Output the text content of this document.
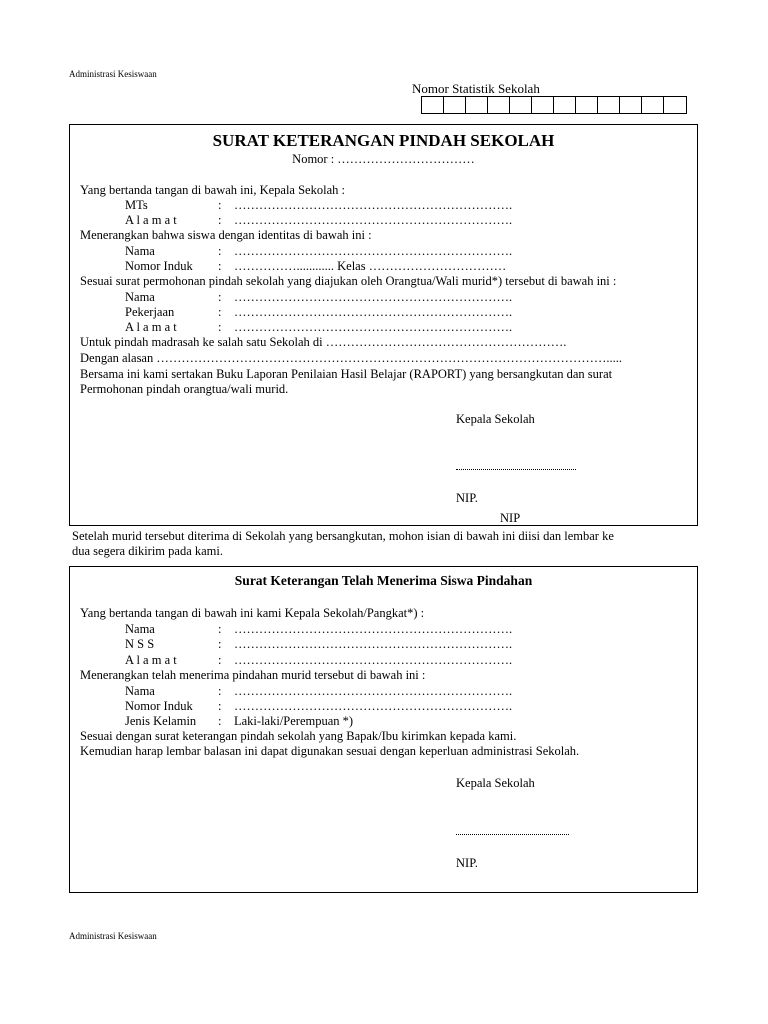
Administrasi Kesiswaan
Nomor Statistik Sekolah
SURAT KETERANGAN PINDAH SEKOLAH
Nomor : ……………………………
Yang bertanda tangan di bawah ini, Kepala Sekolah :
MTs	: ………………………………………………………….
A l a m a t	: ………………………………………………………….
Menerangkan bahwa siswa dengan identitas di bawah ini :
Nama	: ………………………………………………………….
Nomor Induk : ……………............ Kelas ……………………………
Sesuai surat permohonan pindah sekolah yang diajukan oleh Orangtua/Wali murid*) tersebut di bawah ini :
Nama	: ………………………………………………………….
Pekerjaan	: ………………………………………………………….
A l a m a t	: ………………………………………………………….
Untuk pindah madrasah ke salah satu Sekolah di ………………………………………………….
Dengan alasan ……………………………………………………………………………………………….....
Bersama ini kami sertakan Buku Laporan Penilaian Hasil Belajar (RAPORT) yang bersangkutan dan surat
Permohonan pindah orangtua/wali murid.
Kepala Sekolah
NIP.
NIP
Setelah murid tersebut diterima di Sekolah yang bersangkutan, mohon isian di bawah ini diisi dan lembar ke
dua segera dikirim pada kami.
Surat Keterangan Telah Menerima Siswa Pindahan
Yang bertanda tangan di bawah ini kami Kepala Sekolah/Pangkat*) :
Nama	: ………………………………………………………….
N S S	: ………………………………………………………….
A l a m a t	: ………………………………………………………….
Menerangkan telah menerima pindahan murid tersebut di bawah ini :
Nama	: ………………………………………………………….
Nomor Induk : ………………………………………………………….
Jenis Kelamin : Laki-laki/Perempuan *)
Sesuai dengan surat keterangan pindah sekolah yang Bapak/Ibu kirimkan kepada kami.
Kemudian harap lembar balasan ini dapat digunakan sesuai dengan keperluan administrasi Sekolah.
Kepala Sekolah
NIP.
Administrasi Kesiswaan
